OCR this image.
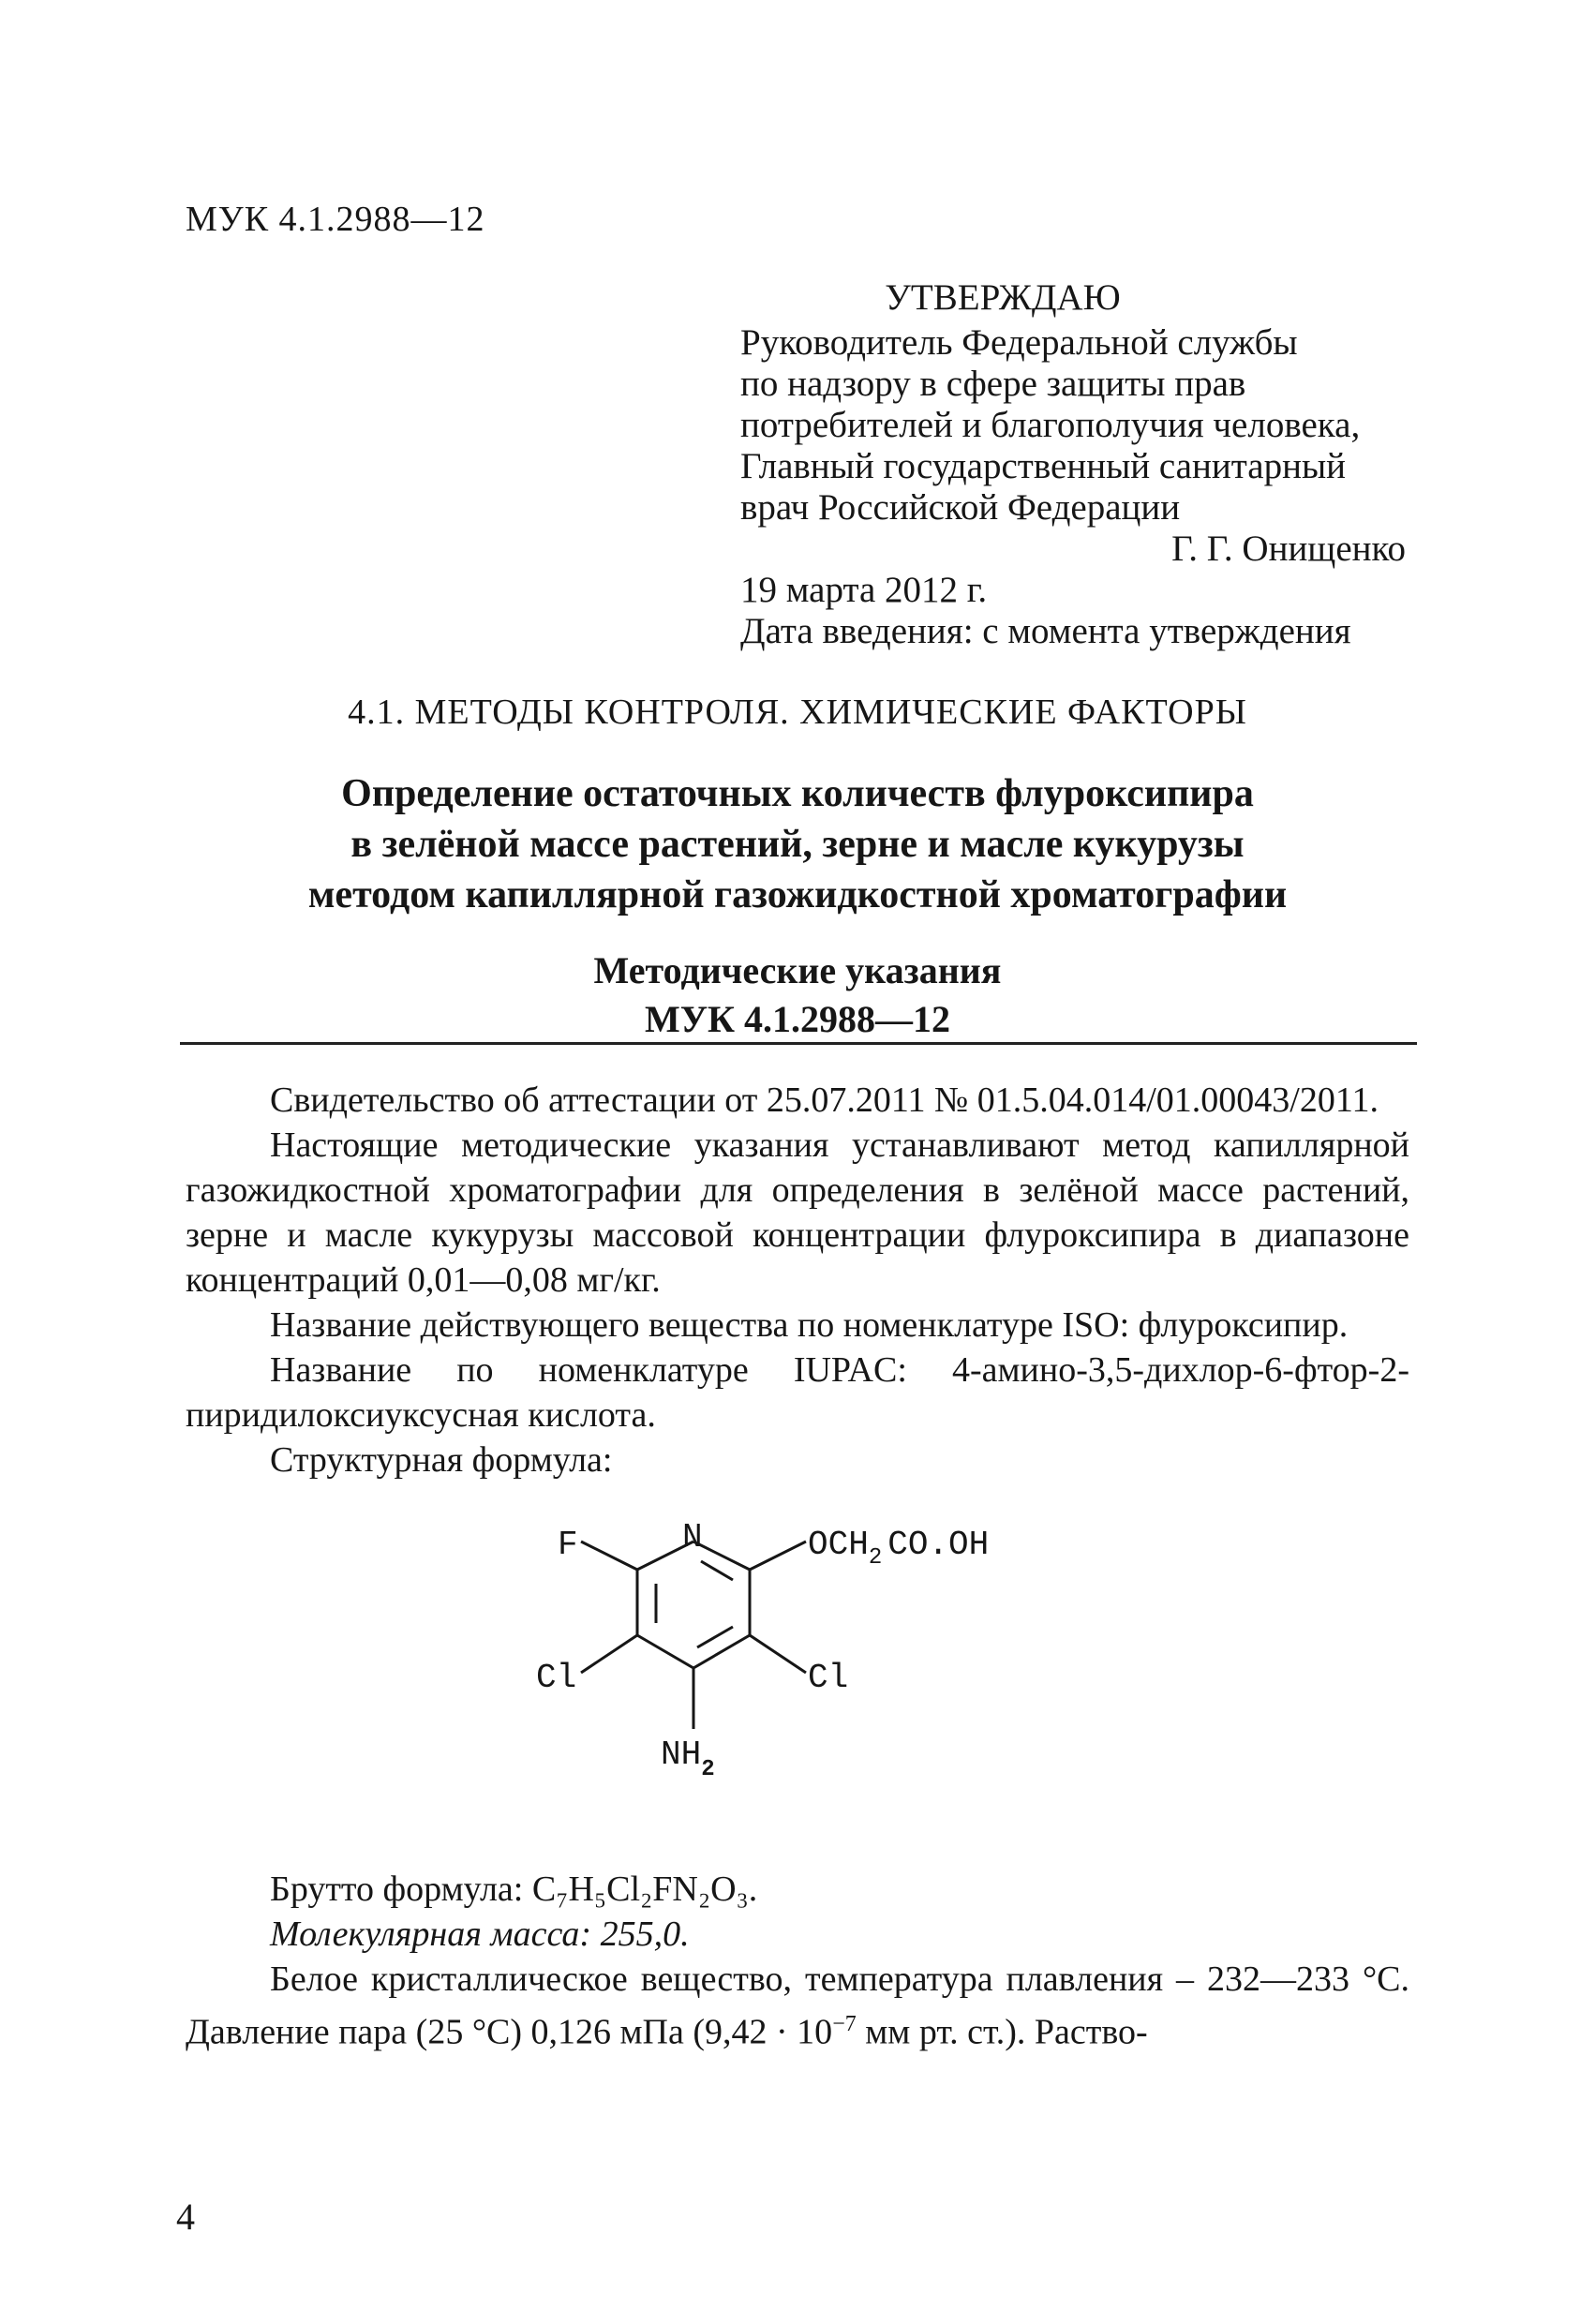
МУК 4.1.2988—12
УТВЕРЖДАЮ
Руководитель Федеральной службы
по надзору в сфере защиты прав
потребителей и благополучия человека,
Главный государственный санитарный
врач Российской Федерации
Г. Г. Онищенко
19 марта 2012 г.
Дата введения: с момента утверждения
4.1. МЕТОДЫ КОНТРОЛЯ. ХИМИЧЕСКИЕ ФАКТОРЫ
Определение остаточных количеств флуроксипира
в зелёной массе растений, зерне и масле кукурузы
методом капиллярной газожидкостной хроматографии
Методические указания
МУК 4.1.2988—12

Свидетельство об аттестации от 25.07.2011 № 01.5.04.014/01.00043/2011.

Настоящие методические указания устанавливают метод капиллярной газожидкостной хроматографии для определения в зелёной массе растений, зерне и масле кукурузы массовой концентрации флуроксипира в диапазоне концентраций 0,01—0,08 мг/кг.

Название действующего вещества по номенклатуре ISO: флуроксипир.

Название по номенклатуре IUPAC: 4-амино-3,5-дихлор-6-фтор-2-пиридилоксиуксусная кислота.

Структурная формула:

F	N	$OCH_2$ CO.OH
Cl	Cl
$NH_2$

Брутто формула: C₇H₅Cl₂FN₂O₃.

Молекулярная масса: 255,0.

Белое кристаллическое вещество, температура плавления – 232—233 °С. Давление пара (25 °С) 0,126 мПа ($9,42 \cdot 10^{-7}$ мм рт. ст.). Раство-

4
